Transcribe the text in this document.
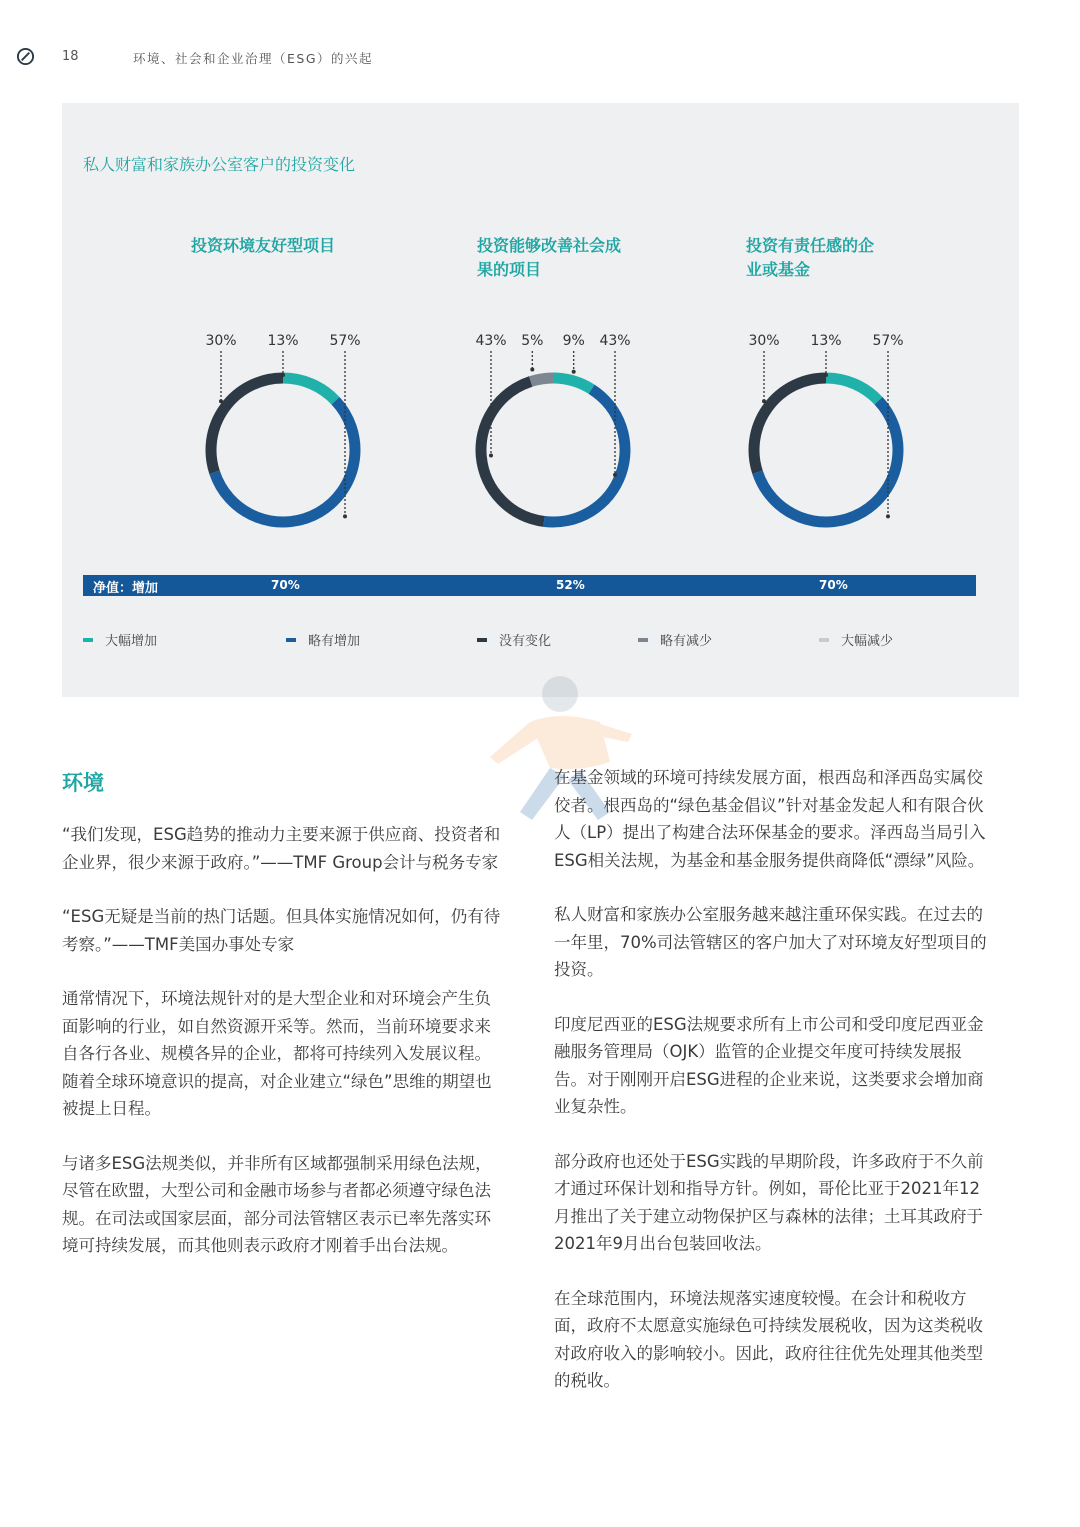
18	环境、社会和企业治理（ESG）的兴起
私人财富和家族办公室客户的投资变化
投资环境友好型项目	投资能够改善社会成
果的项目
投资有责任感的企
业或基金
30% 13% 57%	43% 5% 9% 43%	30% 13% 57%
净值：增加	70%	52%	70%
大幅增加	略有增加	没有变化	略有减少	大幅减少
环境

“我们发现，ESG趋势的推动力主要来源于供应商、投资者和企业界，很少来源于政府。”——TMF Group会计与税务专家

“ESG无疑是当前的热门话题。但具体实施情况如何，仍有待考察。”——TMF美国办事处专家

通常情况下，环境法规针对的是大型企业和对环境会产生负面影响的行业，如自然资源开采等。然而，当前环境要求来自各行各业、规模各异的企业，都将可持续列入发展议程。随着全球环境意识的提高，对企业建立“绿色”思维的期望也被提上日程。

与诸多ESG法规类似，并非所有区域都强制采用绿色法规，尽管在欧盟，大型公司和金融市场参与者都必须遵守绿色法规。在司法或国家层面，部分司法管辖区表示已率先落实环境可持续发展，而其他则表示政府才刚着手出台法规。

在基金领域的环境可持续发展方面，根西岛和泽西岛实属佼佼者。根西岛的“绿色基金倡议”针对基金发起人和有限合伙人（LP）提出了构建合法环保基金的要求。泽西岛当局引入ESG相关法规，为基金和基金服务提供商降低“漂绿”风险。

私人财富和家族办公室服务越来越注重环保实践。在过去的一年里，70%司法管辖区的客户加大了对环境友好型项目的投资。

印度尼西亚的ESG法规要求所有上市公司和受印度尼西亚金融服务管理局（OJK）监管的企业提交年度可持续发展报告。对于刚刚开启ESG进程的企业来说，这类要求会增加商业复杂性。

部分政府也还处于ESG实践的早期阶段，许多政府于不久前才通过环保计划和指导方针。例如，哥伦比亚于2021年12月推出了关于建立动物保护区与森林的法律；土耳其政府于2021年9月出台包装回收法。

在全球范围内，环境法规落实速度较慢。在会计和税收方面，政府不太愿意实施绿色可持续发展税收，因为这类税收对政府收入的影响较小。因此，政府往往优先处理其他类型的税收。
